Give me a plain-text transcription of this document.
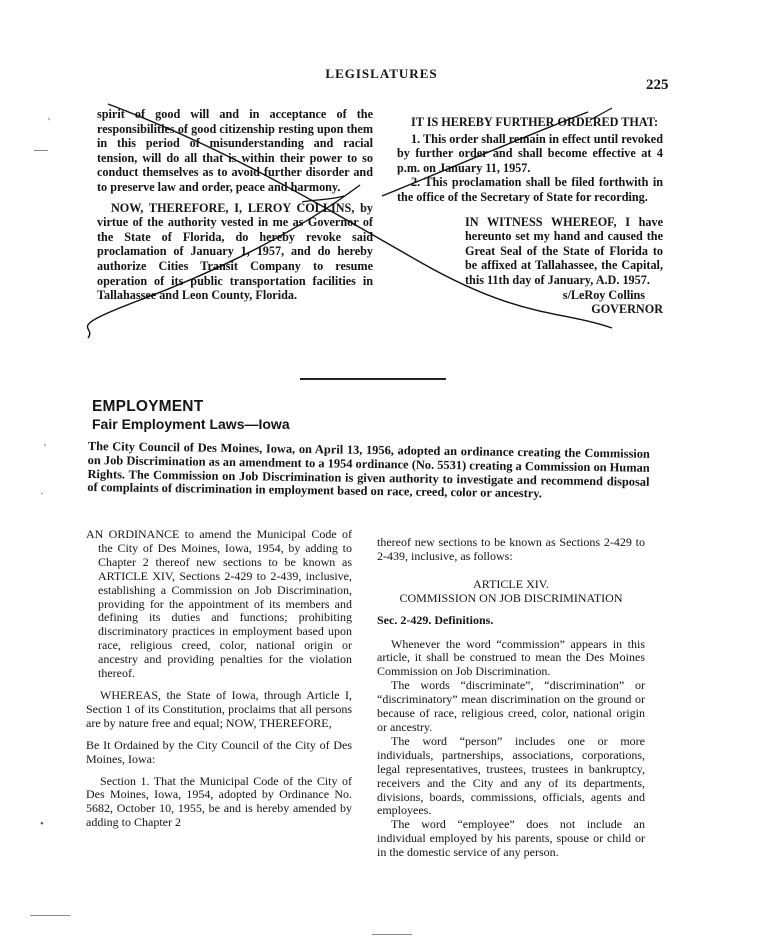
LEGISLATURES
225

spirit of good will and in acceptance of the responsibilities of good citizenship resting upon them in this period of misunderstanding and racial tension, will do all that is within their power to so conduct themselves as to avoid further disorder and to preserve law and order, peace and harmony.

NOW, THEREFORE, I, LEROY COLLINS, by virtue of the authority vested in me as Governor of the State of Florida, do hereby revoke said proclamation of January 1, 1957, and do hereby authorize Cities Transit Company to resume operation of its public transportation facilities in Tallahassee and Leon County, Florida.

IT IS HEREBY FURTHER ORDERED THAT:

1. This order shall remain in effect until revoked by further order and shall become effective at 4 p.m. on January 11, 1957.

2. This proclamation shall be filed forthwith in the office of the Secretary of State for recording.

IN WITNESS WHEREOF, I have hereunto set my hand and caused the Great Seal of the State of Florida to be affixed at Tallahassee, the Capital, this 11th day of January, A.D. 1957.

s/LeRoy Collins

GOVERNOR

EMPLOYMENT
Fair Employment Laws—Iowa
The City Council of Des Moines, Iowa, on April 13, 1956, adopted an ordinance creating the Commission on Job Discrimination as an amendment to a 1954 ordinance (No. 5531) creating a Commission on Human Rights. The Commission on Job Discrimination is given authority to investigate and recommend disposal of complaints of discrimination in employment based on race, creed, color or ancestry.

AN ORDINANCE to amend the Municipal Code of the City of Des Moines, Iowa, 1954, by adding to Chapter 2 thereof new sections to be known as ARTICLE XIV, Sections 2-429 to 2-439, inclusive, establishing a Commission on Job Discrimination, providing for the appointment of its members and defining its duties and functions; prohibiting discriminatory practices in employment based upon race, religious creed, color, national origin or ancestry and providing penalties for the violation thereof.

WHEREAS, the State of Iowa, through Article I, Section 1 of its Constitution, proclaims that all persons are by nature free and equal; NOW, THEREFORE,

Be It Ordained by the City Council of the City of Des Moines, Iowa:

Section 1. That the Municipal Code of the City of Des Moines, Iowa, 1954, adopted by Ordinance No. 5682, October 10, 1955, be and is hereby amended by adding to Chapter 2

thereof new sections to be known as Sections 2-429 to 2-439, inclusive, as follows:

ARTICLE XIV.

COMMISSION ON JOB DISCRIMINATION

Sec. 2-429. Definitions.

Whenever the word “commission” appears in this article, it shall be construed to mean the Des Moines Commission on Job Discrimination.

The words “discriminate”, “discrimination” or “discriminatory” mean discrimination on the ground or because of race, religious creed, color, national origin or ancestry.

The word “person” includes one or more individuals, partnerships, associations, corporations, legal representatives, trustees, trustees in bankruptcy, receivers and the City and any of its departments, divisions, boards, commissions, officials, agents and employees.

The word “employee” does not include an individual employed by his parents, spouse or child or in the domestic service of any person.

'
'
·
•
